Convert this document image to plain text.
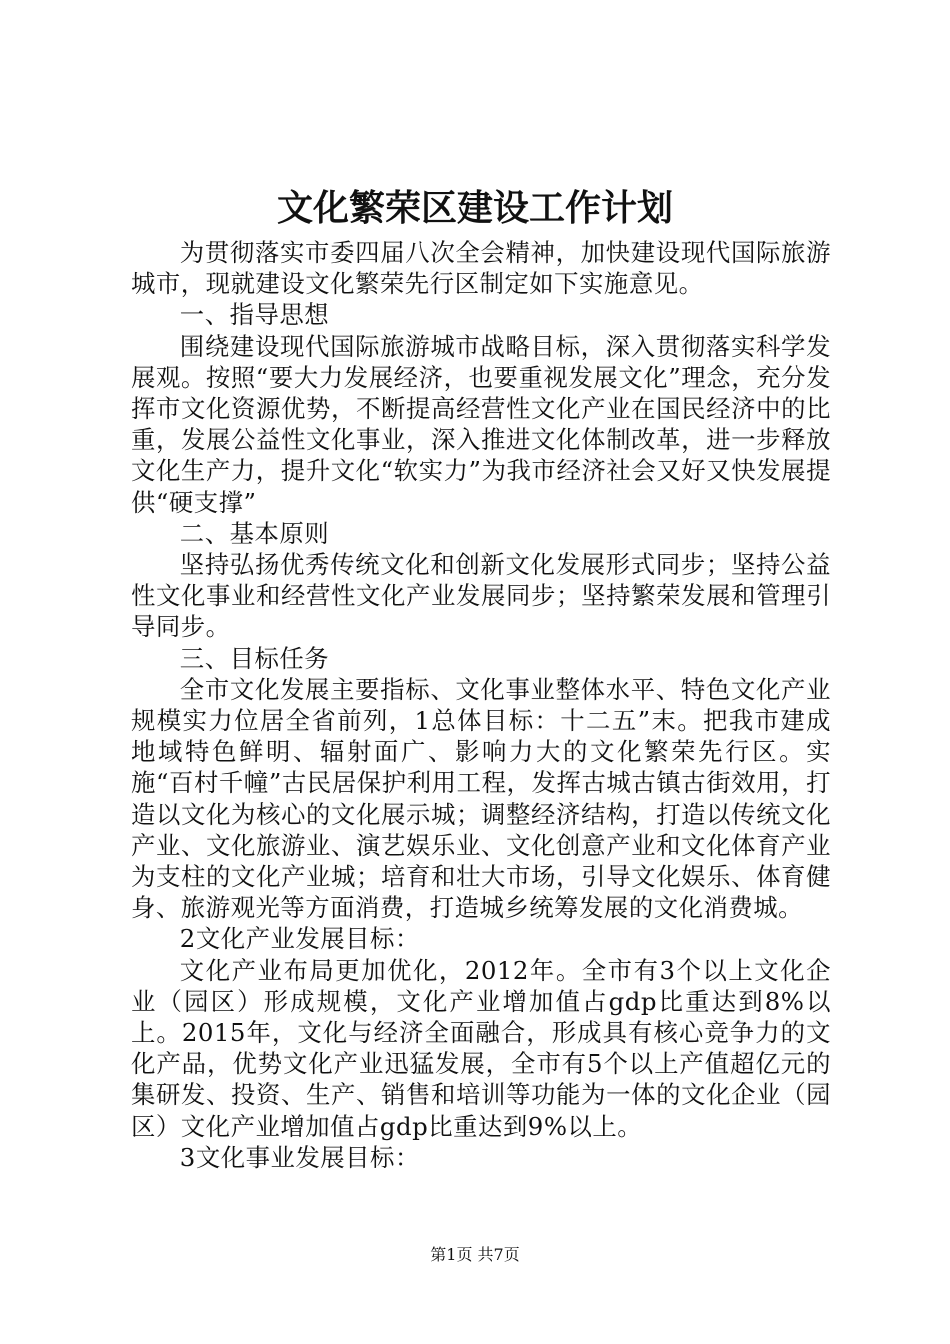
文化繁荣区建设工作计划

为贯彻落实市委四届八次全会精神，加快建设现代国际旅游城市，现就建设文化繁荣先行区制定如下实施意见。

一、指导思想

围绕建设现代国际旅游城市战略目标，深入贯彻落实科学发展观。按照“要大力发展经济，也要重视发展文化”理念，充分发挥市文化资源优势，不断提高经营性文化产业在国民经济中的比重，发展公益性文化事业，深入推进文化体制改革，进一步释放文化生产力，提升文化“软实力”为我市经济社会又好又快发展提供“硬支撑”

二、基本原则

坚持弘扬优秀传统文化和创新文化发展形式同步；坚持公益性文化事业和经营性文化产业发展同步；坚持繁荣发展和管理引导同步。

三、目标任务

全市文化发展主要指标、文化事业整体水平、特色文化产业规模实力位居全省前列，1总体目标：十二五”末。把我市建成地域特色鲜明、辐射面广、影响力大的文化繁荣先行区。实施“百村千幢”古民居保护利用工程，发挥古城古镇古街效用，打造以文化为核心的文化展示城；调整经济结构，打造以传统文化产业、文化旅游业、演艺娱乐业、文化创意产业和文化体育产业为支柱的文化产业城；培育和壮大市场，引导文化娱乐、体育健身、旅游观光等方面消费，打造城乡统筹发展的文化消费城。

2文化产业发展目标：

文化产业布局更加优化，2012年。全市有3个以上文化企业（园区）形成规模，文化产业增加值占gdp比重达到8%以上。2015年，文化与经济全面融合，形成具有核心竞争力的文化产品，优势文化产业迅猛发展，全市有5个以上产值超亿元的集研发、投资、生产、销售和培训等功能为一体的文化企业（园区）文化产业增加值占gdp比重达到9%以上。

3文化事业发展目标：

第1页 共7页
